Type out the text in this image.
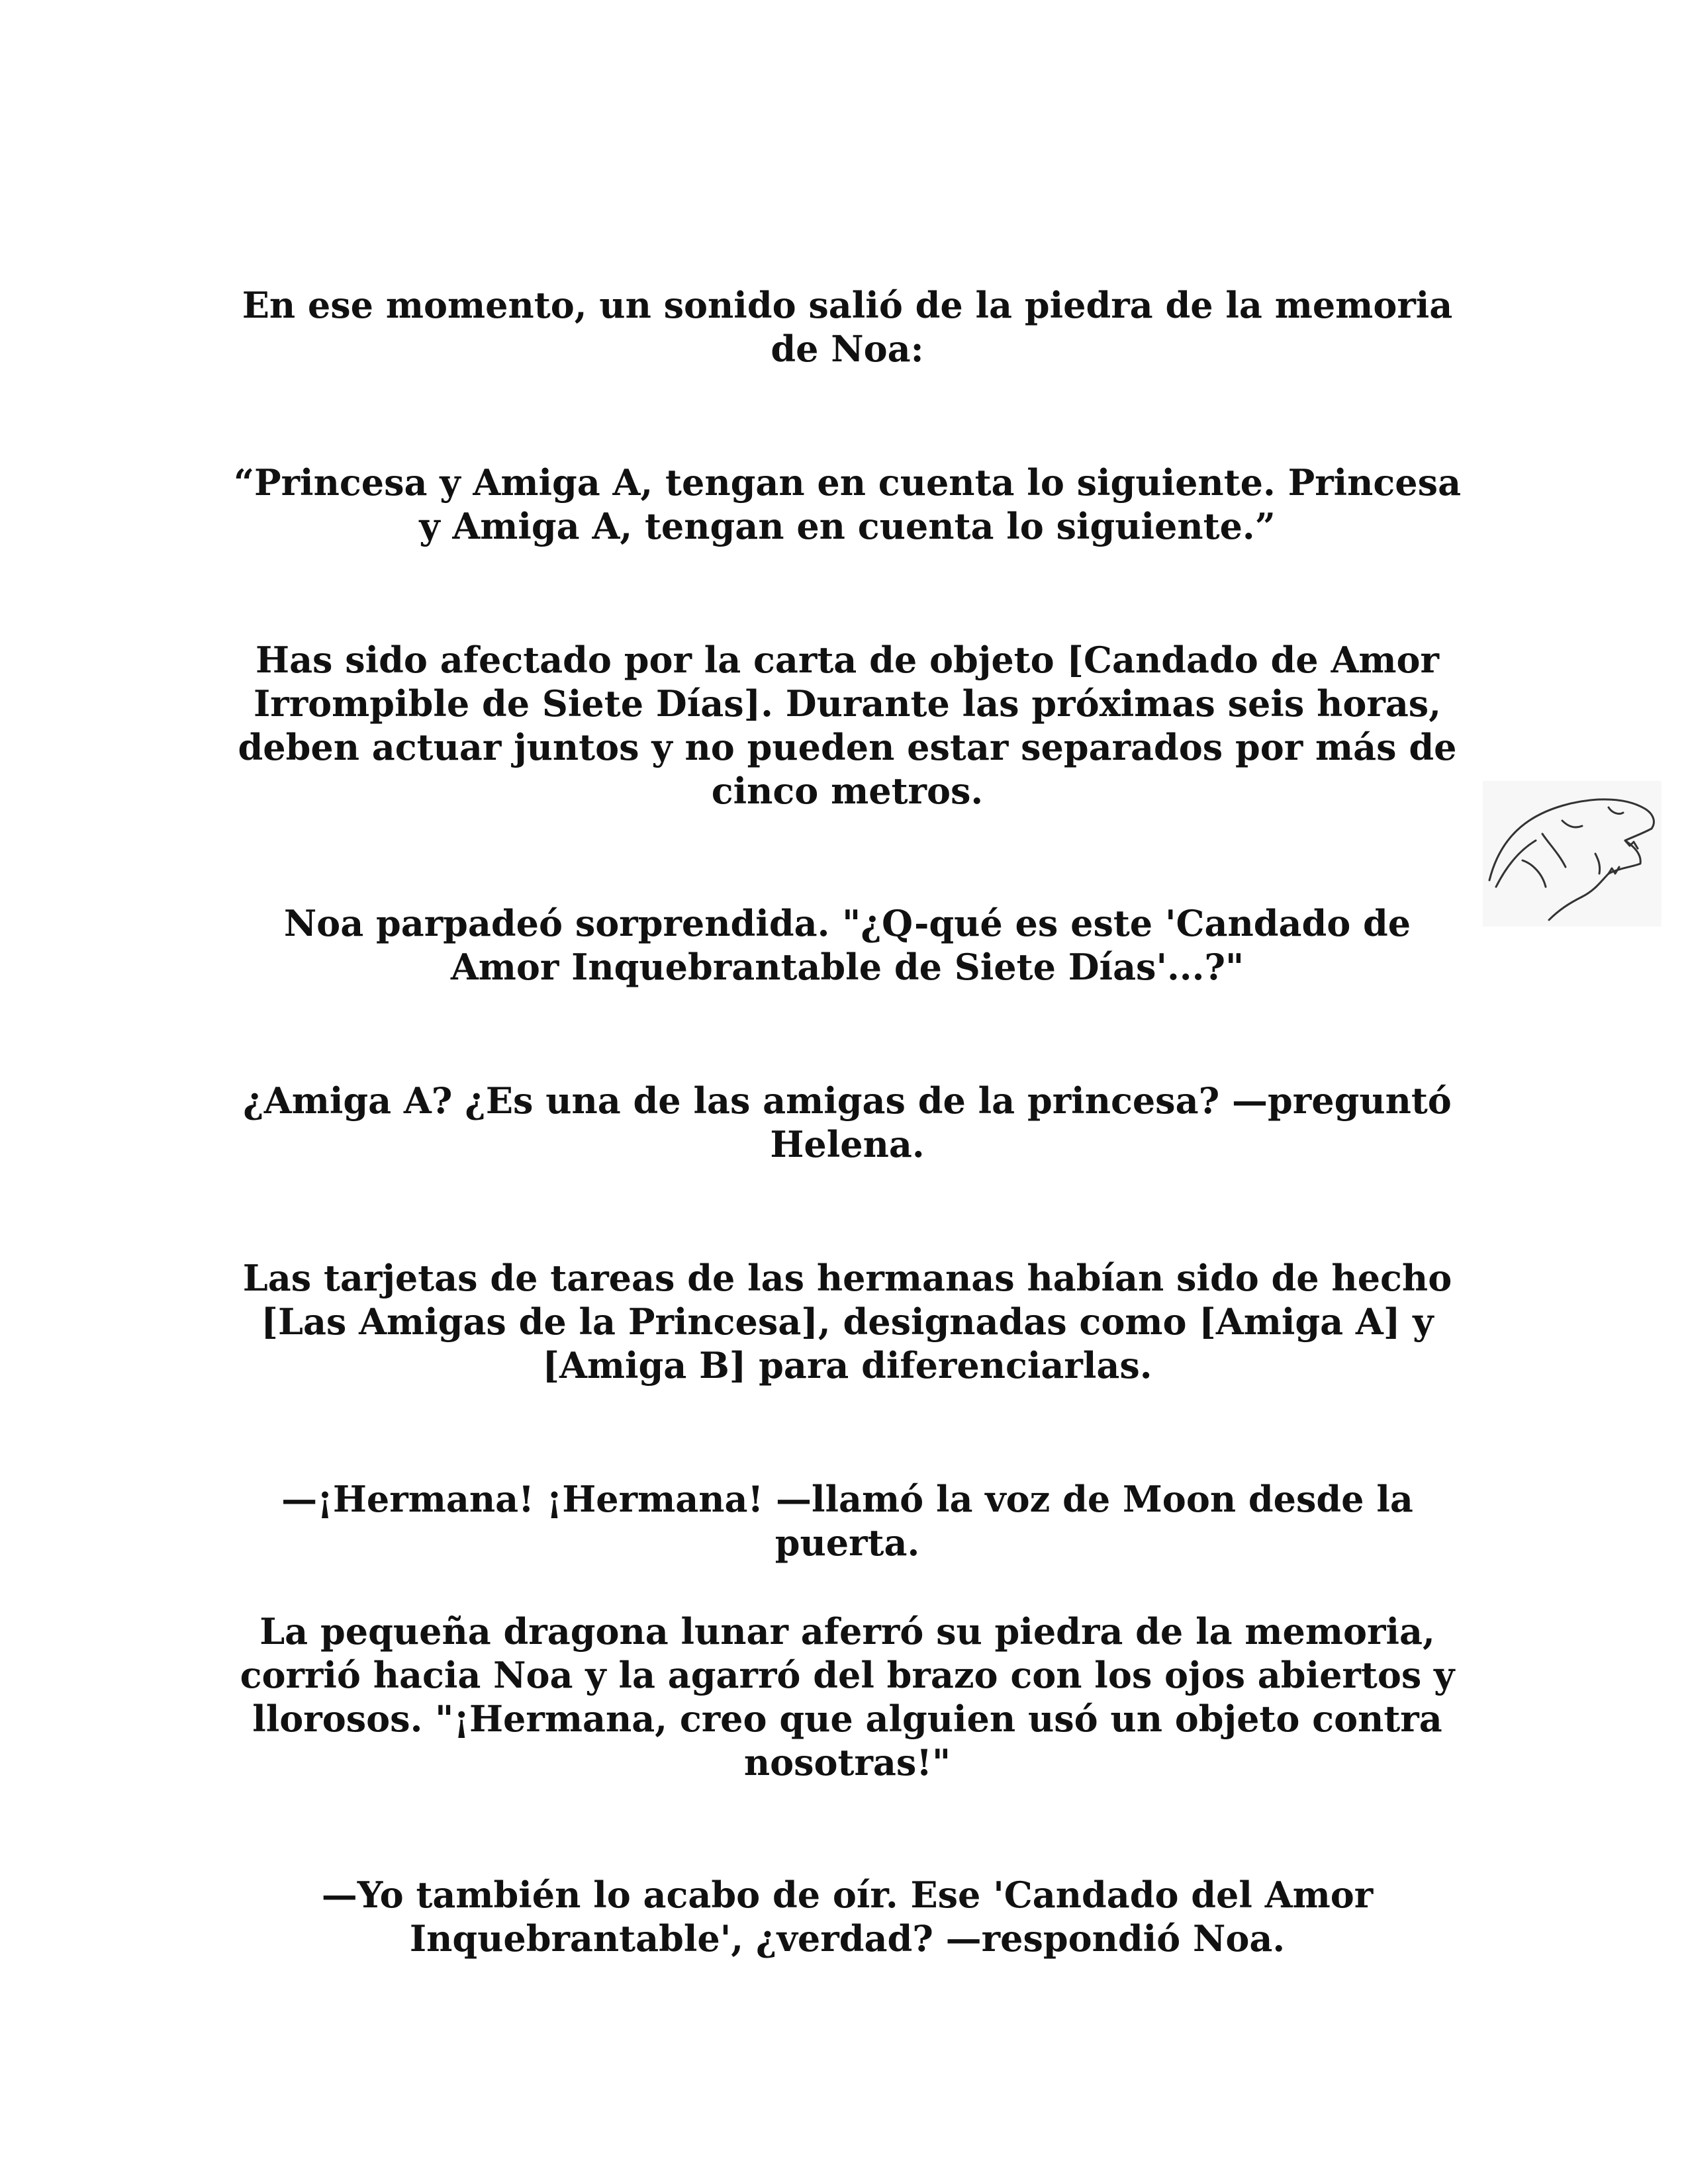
En ese momento, un sonido salió de la piedra de la memoria de Noa:

“Princesa y Amiga A, tengan en cuenta lo siguiente. Princesa y Amiga A, tengan en cuenta lo siguiente.”

Has sido afectado por la carta de objeto [Candado de Amor Irrompible de Siete Días]. Durante las próximas seis horas, deben actuar juntos y no pueden estar separados por más de cinco metros.

Noa parpadeó sorprendida. "¿Q-qué es este 'Candado de Amor Inquebrantable de Siete Días'...?"

¿Amiga A? ¿Es una de las amigas de la princesa? —preguntó Helena.

Las tarjetas de tareas de las hermanas habían sido de hecho [Las Amigas de la Princesa], designadas como [Amiga A] y [Amiga B] para diferenciarlas.

—¡Hermana! ¡Hermana! —llamó la voz de Moon desde la puerta.

La pequeña dragona lunar aferró su piedra de la memoria, corrió hacia Noa y la agarró del brazo con los ojos abiertos y llorosos. "¡Hermana, creo que alguien usó un objeto contra nosotras!"

—Yo también lo acabo de oír. Ese 'Candado del Amor Inquebrantable', ¿verdad? —respondió Noa.
